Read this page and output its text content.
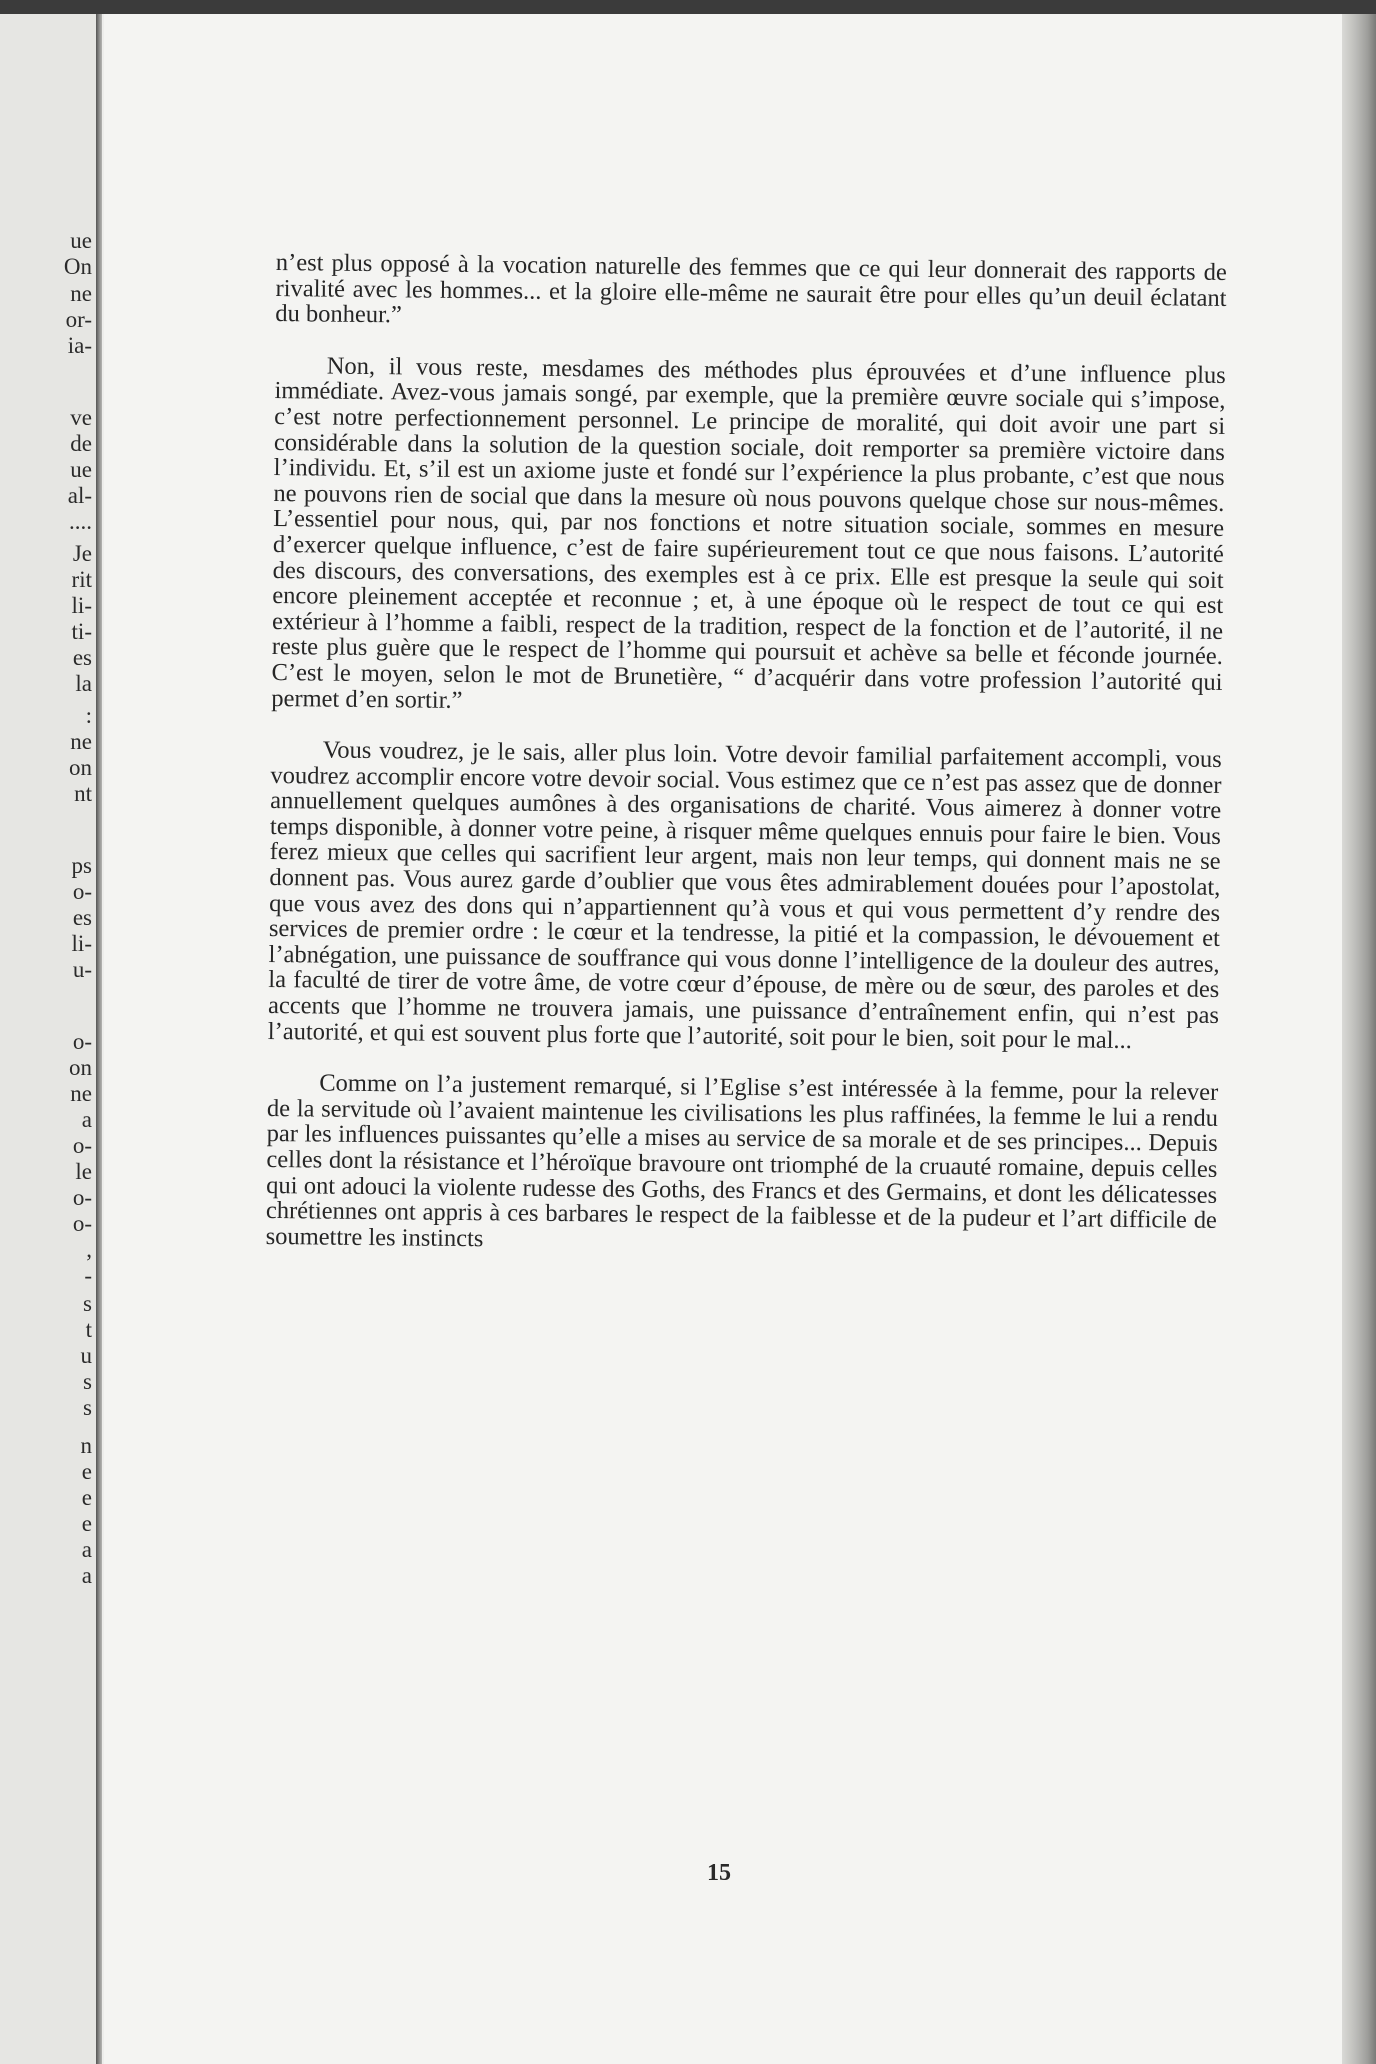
ue
On
ne
or-
ia-
ve
de
ue
al-
....
Je
rit
li-
ti-
es
la
:
ne
on
nt
ps
o-
es
li-
u-
o-
on
ne
a
o-
le
o-
o-
,
-
s
t
u
s
s
n
e
e
e
a
a

n’est plus opposé à la vocation naturelle des femmes que ce qui leur donnerait des rapports de rivalité avec les hommes... et la gloire elle-même ne saurait être pour elles qu’un deuil éclatant du bonheur.”

Non, il vous reste, mesdames des méthodes plus éprouvées et d’une influence plus immédiate. Avez-vous jamais songé, par exemple, que la première œuvre sociale qui s’impose, c’est notre perfectionnement personnel. Le principe de moralité, qui doit avoir une part si considérable dans la solution de la question sociale, doit remporter sa première victoire dans l’individu. Et, s’il est un axiome juste et fondé sur l’expérience la plus probante, c’est que nous ne pouvons rien de social que dans la mesure où nous pouvons quelque chose sur nous-mêmes. L’essentiel pour nous, qui, par nos fonctions et notre situation sociale, sommes en mesure d’exercer quelque influence, c’est de faire supérieurement tout ce que nous faisons. L’autorité des discours, des conversations, des exemples est à ce prix. Elle est presque la seule qui soit encore pleinement acceptée et reconnue ; et, à une époque où le respect de tout ce qui est extérieur à l’homme a faibli, respect de la tradition, respect de la fonction et de l’autorité, il ne reste plus guère que le respect de l’homme qui poursuit et achève sa belle et féconde journée. C’est le moyen, selon le mot de Brunetière, “ d’acquérir dans votre profession l’autorité qui permet d’en sortir.”

Vous voudrez, je le sais, aller plus loin. Votre devoir familial parfaitement accompli, vous voudrez accomplir encore votre devoir social. Vous estimez que ce n’est pas assez que de donner annuellement quelques aumônes à des organisations de charité. Vous aimerez à donner votre temps disponible, à donner votre peine, à risquer même quelques ennuis pour faire le bien. Vous ferez mieux que celles qui sacrifient leur argent, mais non leur temps, qui donnent mais ne se donnent pas. Vous aurez garde d’oublier que vous êtes admirablement douées pour l’apostolat, que vous avez des dons qui n’appartiennent qu’à vous et qui vous permettent d’y rendre des services de premier ordre : le cœur et la tendresse, la pitié et la compassion, le dévouement et l’abnégation, une puissance de souffrance qui vous donne l’intelligence de la douleur des autres, la faculté de tirer de votre âme, de votre cœur d’épouse, de mère ou de sœur, des paroles et des accents que l’homme ne trouvera jamais, une puissance d’entraînement enfin, qui n’est pas l’autorité, et qui est souvent plus forte que l’autorité, soit pour le bien, soit pour le mal...

Comme on l’a justement remarqué, si l’Eglise s’est intéressée à la femme, pour la relever de la servitude où l’avaient maintenue les civilisations les plus raffinées, la femme le lui a rendu par les influences puissantes qu’elle a mises au service de sa morale et de ses principes... Depuis celles dont la résistance et l’héroïque bravoure ont triomphé de la cruauté romaine, depuis celles qui ont adouci la violente rudesse des Goths, des Francs et des Germains, et dont les délicatesses chrétiennes ont appris à ces barbares le respect de la faiblesse et de la pudeur et l’art difficile de soumettre les instincts

15
